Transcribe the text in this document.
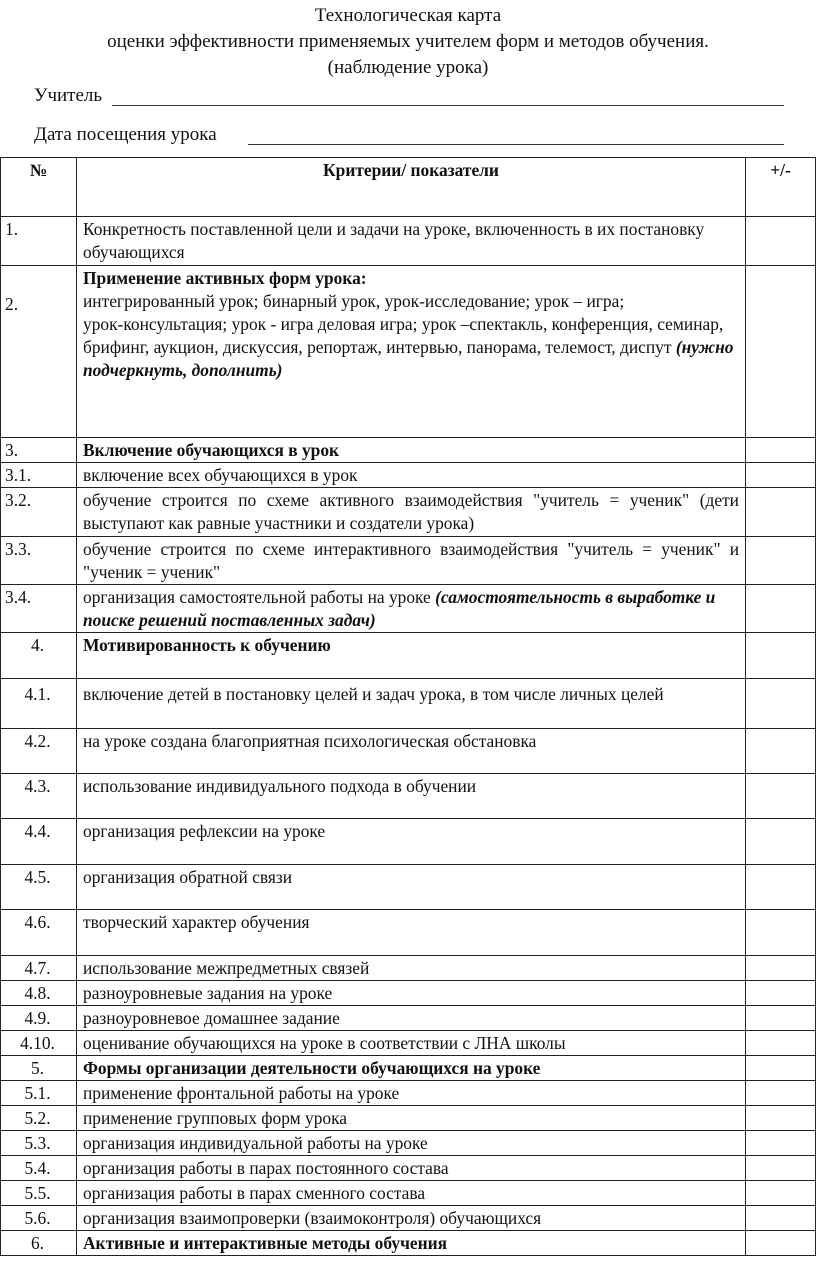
Технологическая карта
оценки эффективности применяемых учителем форм и методов обучения.
(наблюдение урока)
Учитель
Дата посещения урока
№	Критерии/ показатели	+/-
1.	Конкретность поставленной цели и задачи на уроке, включенность в их постановку обучающихся	
2.	Применение активных форм урока:
интегрированный урок; бинарный урок, урок-исследование; урок – игра;
урок-консультация; урок - игра деловая игра; урок –спектакль, конференция, семинар, брифинг, аукцион, дискуссия, репортаж, интервью, панорама, телемост, диспут (нужно подчеркнуть, дополнить)	

3.	Включение обучающихся в урок	
3.1.	включение всех обучающихся в урок	
3.2.	обучение строится по схеме активного взаимодействия "учитель = ученик" (дети выступают как равные участники и создатели урока)	
3.3.	обучение строится по схеме интерактивного взаимодействия "учитель = ученик" и "ученик = ученик"	
3.4.	организация самостоятельной работы на уроке (самостоятельность в выработке и поиске решений поставленных задач)	
4.	Мотивированность к обучению	
4.1.	включение детей в постановку целей и задач урока, в том числе личных целей	
4.2.	на уроке создана благоприятная психологическая обстановка	
4.3.	использование индивидуального подхода в обучении	
4.4.	организация рефлексии на уроке	
4.5.	организация обратной связи	
4.6.	творческий характер обучения	
4.7.	использование межпредметных связей	
4.8.	разноуровневые задания на уроке	
4.9.	разноуровневое домашнее задание	
4.10.	оценивание обучающихся на уроке в соответствии с ЛНА школы	
5.	Формы организации деятельности обучающихся на уроке	
5.1.	применение фронтальной работы на уроке	
5.2.	применение групповых форм урока	
5.3.	организация индивидуальной работы на уроке	
5.4.	организация работы в парах постоянного состава	
5.5.	организация работы в парах сменного состава	
5.6.	организация взаимопроверки (взаимоконтроля) обучающихся	
6.	Активные и интерактивные методы обучения	
